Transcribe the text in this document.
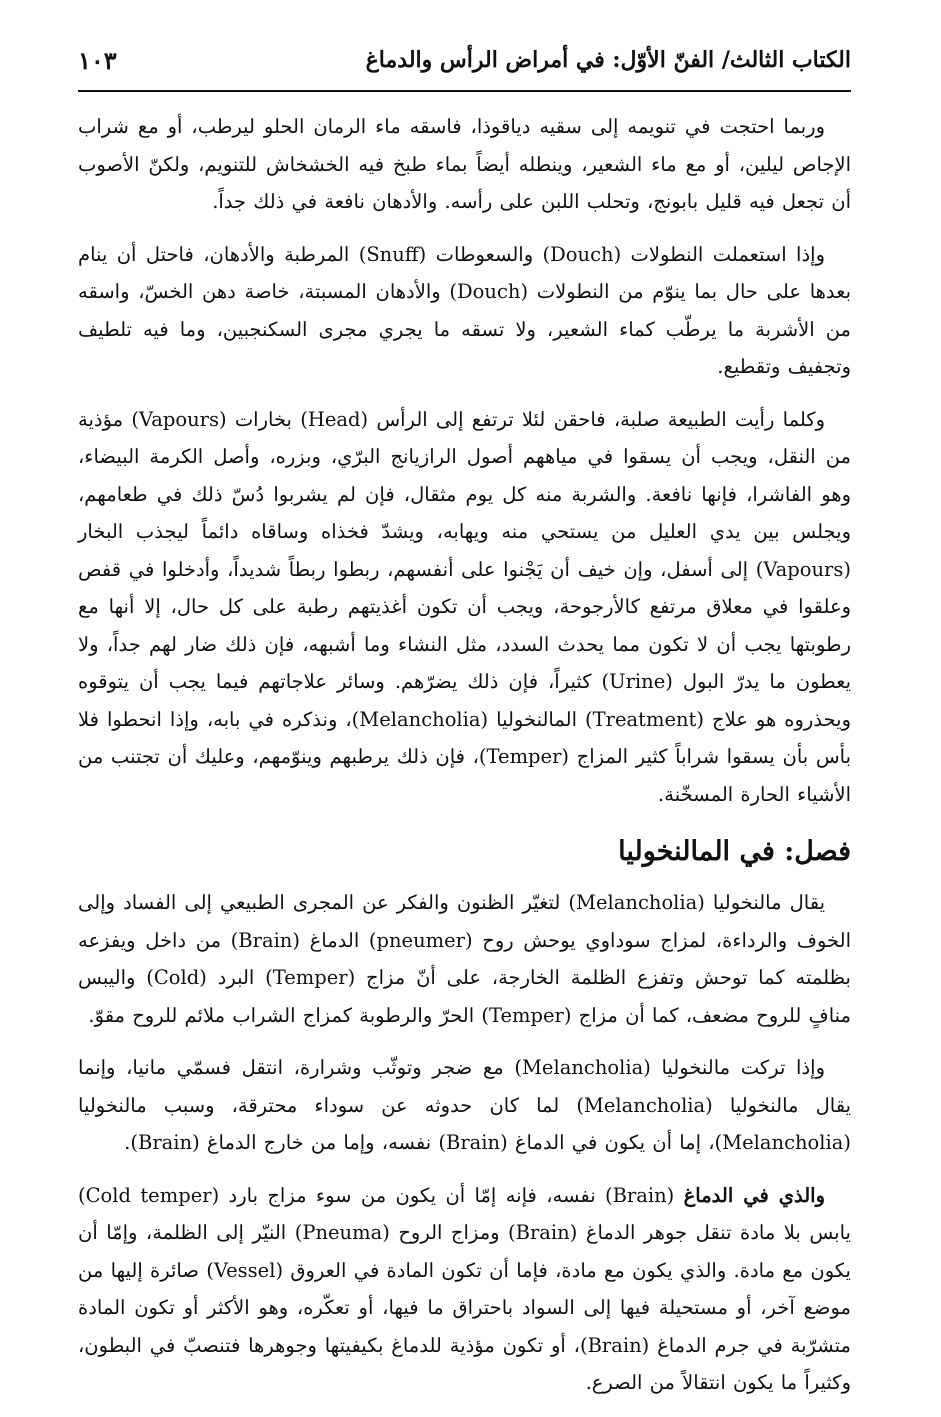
الكتاب الثالث/ الفنّ الأوّل: في أمراض الرأس والدماغ
١٠٣

وربما احتجت في تنويمه إلى سقيه دياقوذا، فاسقه ماء الرمان الحلو ليرطب، أو مع شراب الإجاص ليلين، أو مع ماء الشعير، وينطله أيضاً بماء طبخ فيه الخشخاش للتنويم، ولكنّ الأصوب أن تجعل فيه قليل بابونج، وتحلب اللبن على رأسه. والأدهان نافعة في ذلك جداً.

وإذا استعملت النطولات (Douch) والسعوطات (Snuff) المرطبة والأدهان، فاحتل أن ينام بعدها على حال بما ينوّم من النطولات (Douch) والأدهان المسبتة، خاصة دهن الخسّ، واسقه من الأشربة ما يرطّب كماء الشعير، ولا تسقه ما يجري مجرى السكنجبين، وما فيه تلطيف وتجفيف وتقطيع.

وكلما رأيت الطبيعة صلبة، فاحقن لئلا ترتفع إلى الرأس (Head) بخارات (Vapours) مؤذية من النقل، ويجب أن يسقوا في مياههم أصول الرازيانج البرّي، وبزره، وأصل الكرمة البيضاء، وهو الفاشرا، فإنها نافعة. والشربة منه كل يوم مثقال، فإن لم يشربوا دُسّ ذلك في طعامهم، ويجلس بين يدي العليل من يستحي منه ويهابه، ويشدّ فخذاه وساقاه دائماً ليجذب البخار (Vapours) إلى أسفل، وإن خيف أن يَجْنوا على أنفسهم، ربطوا ربطاً شديداً، وأدخلوا في قفص وعلقوا في معلاق مرتفع كالأرجوحة، ويجب أن تكون أغذيتهم رطبة على كل حال، إلا أنها مع رطوبتها يجب أن لا تكون مما يحدث السدد، مثل النشاء وما أشبهه، فإن ذلك ضار لهم جداً، ولا يعطون ما يدرّ البول (Urine) كثيراً، فإن ذلك يضرّهم. وسائر علاجاتهم فيما يجب أن يتوقوه ويحذروه هو علاج (Treatment) المالنخوليا (Melancholia)، ونذكره في بابه، وإذا انحطوا فلا بأس بأن يسقوا شراباً كثير المزاج (Temper)، فإن ذلك يرطبهم وينوّمهم، وعليك أن تجتنب من الأشياء الحارة المسخّنة.

فصل: في المالنخوليا

يقال مالنخوليا (Melancholia) لتغيّر الظنون والفكر عن المجرى الطبيعي إلى الفساد وإلى الخوف والرداءة، لمزاج سوداوي يوحش روح (pneumer) الدماغ (Brain) من داخل ويفزعه بظلمته كما توحش وتفزع الظلمة الخارجة، على أنّ مزاج (Temper) البرد (Cold) واليبس منافٍ للروح مضعف، كما أن مزاج (Temper) الحرّ والرطوبة كمزاج الشراب ملائم للروح مقوّ.

وإذا تركت مالنخوليا (Melancholia) مع ضجر وتوثّب وشرارة، انتقل فسمّي مانيا، وإنما يقال مالنخوليا (Melancholia) لما كان حدوثه عن سوداء محترقة، وسبب مالنخوليا (Melancholia)، إما أن يكون في الدماغ (Brain) نفسه، وإما من خارج الدماغ (Brain).

والذي في الدماغ (Brain) نفسه، فإنه إمّا أن يكون من سوء مزاج بارد (Cold temper) يابس بلا مادة تنقل جوهر الدماغ (Brain) ومزاج الروح (Pneuma) النيّر إلى الظلمة، وإمّا أن يكون مع مادة. والذي يكون مع مادة، فإما أن تكون المادة في العروق (Vessel) صائرة إليها من موضع آخر، أو مستحيلة فيها إلى السواد باحتراق ما فيها، أو تعكّره، وهو الأكثر أو تكون المادة متشرّبة في جرم الدماغ (Brain)، أو تكون مؤذية للدماغ بكيفيتها وجوهرها فتنصبّ في البطون، وكثيراً ما يكون انتقالاً من الصرع.
